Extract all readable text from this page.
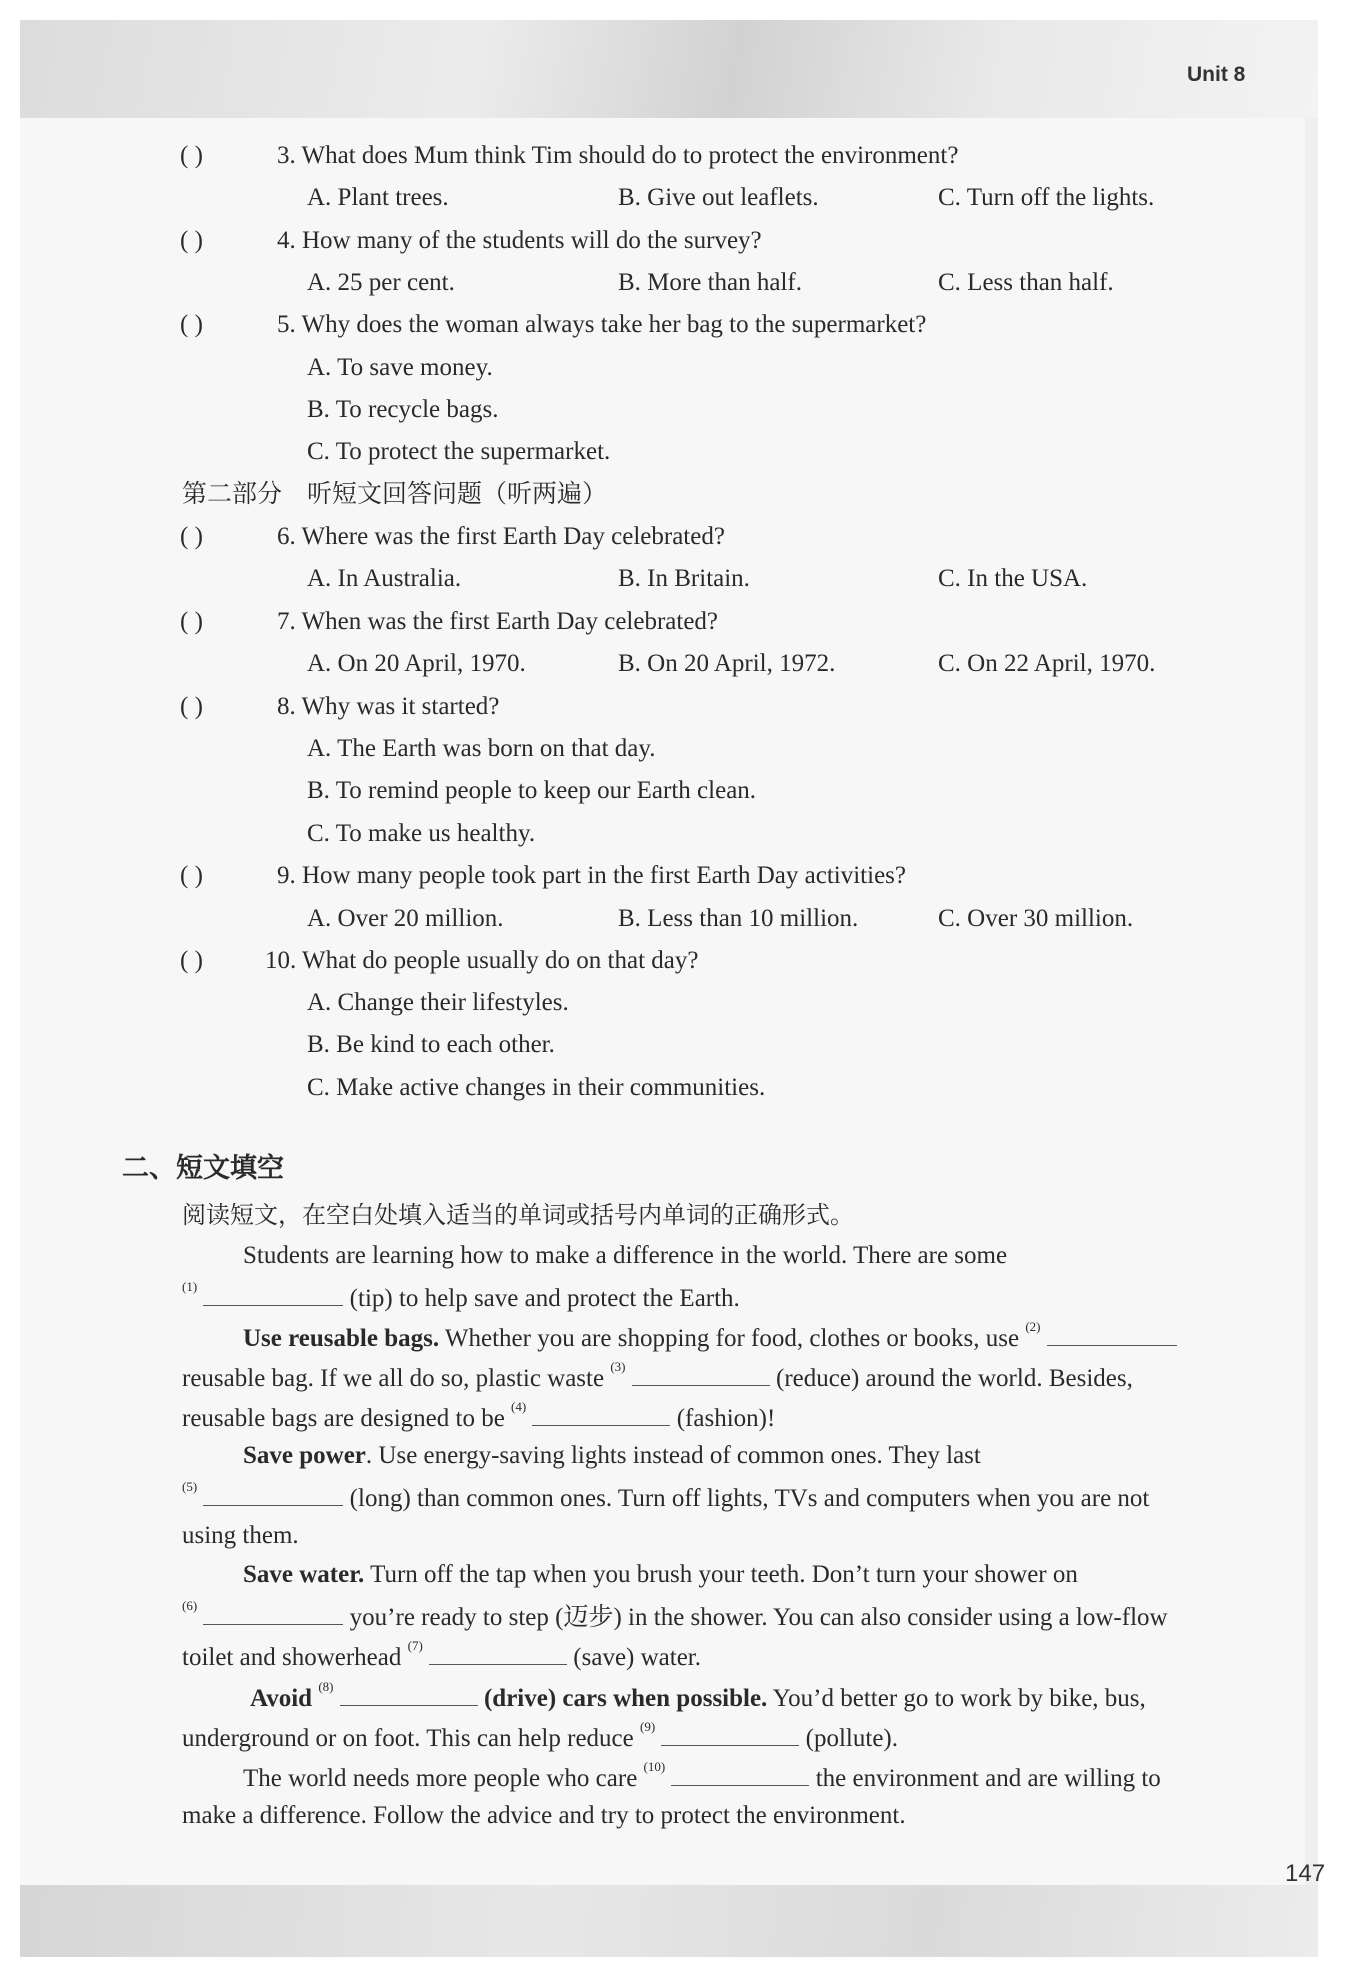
Unit 8
( )	3. What does Mum think Tim should do to protect the environment?
A. Plant trees.	B. Give out leaflets.	C. Turn off the lights.
( )	4. How many of the students will do the survey?
A. 25 per cent.	B. More than half.	C. Less than half.
( )	5. Why does the woman always take her bag to the supermarket?
A. To save money.
B. To recycle bags.
C. To protect the supermarket.
第二部分　听短文回答问题（听两遍）
( )	6. Where was the first Earth Day celebrated?
A. In Australia.	B. In Britain.	C. In the USA.
( )	7. When was the first Earth Day celebrated?
A. On 20 April, 1970.	B. On 20 April, 1972.	C. On 22 April, 1970.
( )	8. Why was it started?
A. The Earth was born on that day.
B. To remind people to keep our Earth clean.
C. To make us healthy.
( )	9. How many people took part in the first Earth Day activities?
A. Over 20 million.	B. Less than 10 million.	C. Over 30 million.
( ) 10. What do people usually do on that day?
A. Change their lifestyles.
B. Be kind to each other.
C. Make active changes in their communities.
二、短文填空
阅读短文，在空白处填入适当的单词或括号内单词的正确形式。
Students are learning how to make a difference in the world. There are some
$^{(1)}$	(tip) to help save and protect the Earth.
Use reusable bags. Whether you are shopping for food, clothes or books, use $^{(2)}$
reusable bag. If we all do so, plastic waste $^{(3)}$	(reduce) around the world. Besides,
reusable bags are designed to be $^{(4)}$	(fashion)!
Save power. Use energy-saving lights instead of common ones. They last
$^{(5)}$	(long) than common ones. Turn off lights, TVs and computers when you are not
using them.
Save water. Turn off the tap when you brush your teeth. Don’t turn your shower on
$^{(6)}$	you’re ready to step (迈步) in the shower. You can also consider using a low-flow
toilet and showerhead $^{(7)}$	(save) water.
Avoid $^{(8)}$	(drive) cars when possible. You’d better go to work by bike, bus,
underground or on foot. This can help reduce $^{(9)}$	(pollute).
The world needs more people who care $^{(10)}$	the environment and are willing to
make a difference. Follow the advice and try to protect the environment.
147
